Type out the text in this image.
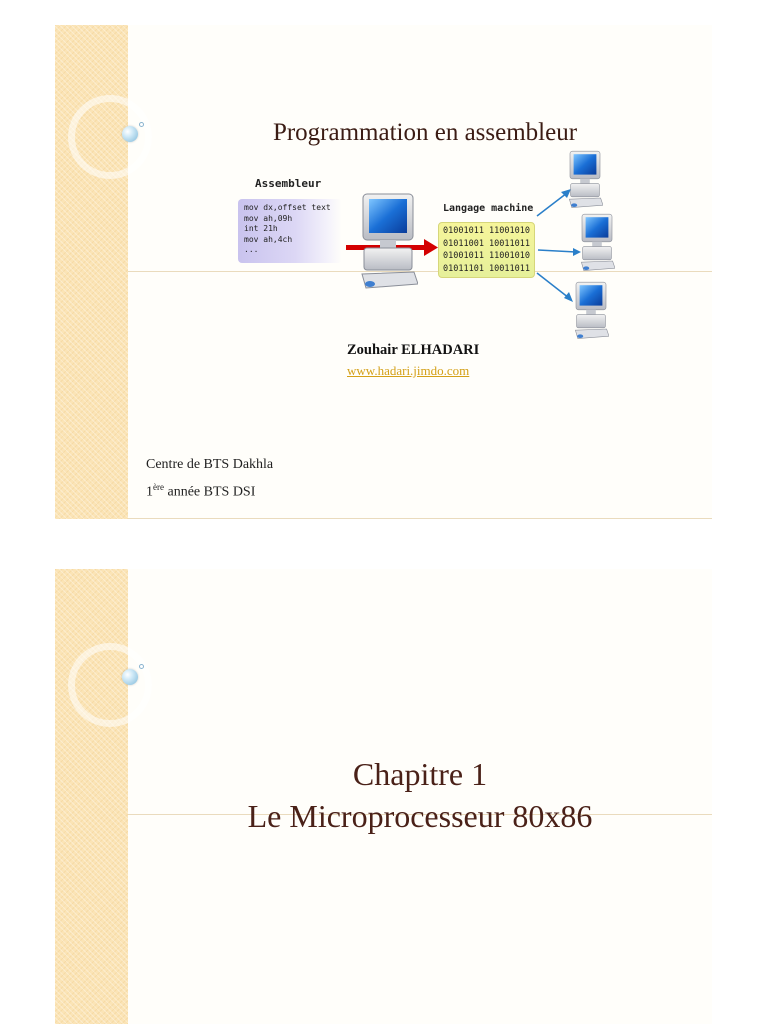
Programmation en assembleur
Assembleur
mov dx,offset text
mov ah,09h
int 21h
mov ah,4ch
...
Langage machine
01001011 11001010
01011001 10011011
01001011 11001010
01011101 10011011
Zouhair ELHADARI
www.hadari.jimdo.com
Centre de BTS Dakhla
1ère année BTS DSI
Chapitre 1
Le Microprocesseur 80x86
